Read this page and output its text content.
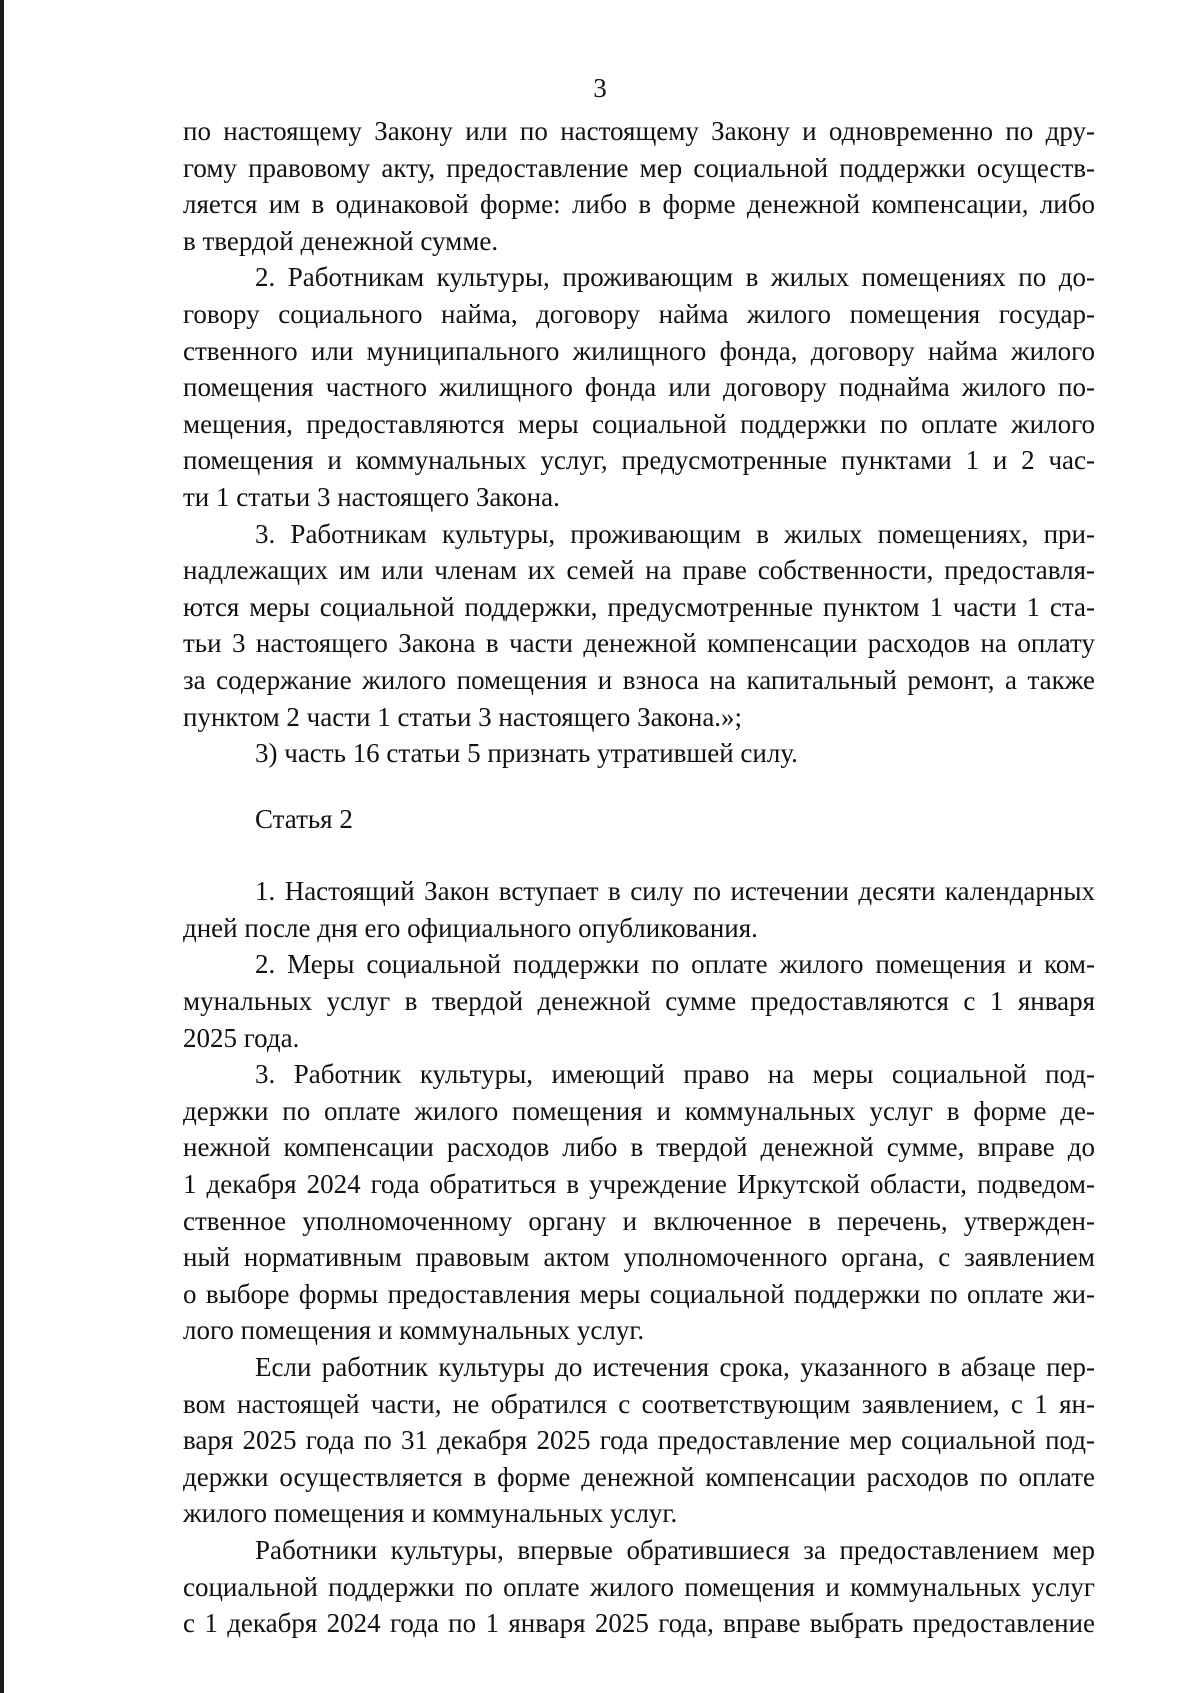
3
по настоящему Закону или по настоящему Закону и одновременно по дру-
гому правовому акту, предоставление мер социальной поддержки осуществ-
ляется им в одинаковой форме: либо в форме денежной компенсации, либо
в твердой денежной сумме.
2. Работникам культуры, проживающим в жилых помещениях по до-
говору социального найма, договору найма жилого помещения государ-
ственного или муниципального жилищного фонда, договору найма жилого
помещения частного жилищного фонда или договору поднайма жилого по-
мещения, предоставляются меры социальной поддержки по оплате жилого
помещения и коммунальных услуг, предусмотренные пунктами 1 и 2 час-
ти 1 статьи 3 настоящего Закона.
3. Работникам культуры, проживающим в жилых помещениях, при-
надлежащих им или членам их семей на праве собственности, предоставля-
ются меры социальной поддержки, предусмотренные пунктом 1 части 1 ста-
тьи 3 настоящего Закона в части денежной компенсации расходов на оплату
за содержание жилого помещения и взноса на капитальный ремонт, а также
пунктом 2 части 1 статьи 3 настоящего Закона.»;
3) часть 16 статьи 5 признать утратившей силу.
Статья 2
1. Настоящий Закон вступает в силу по истечении десяти календарных
дней после дня его официального опубликования.
2. Меры социальной поддержки по оплате жилого помещения и ком-
мунальных услуг в твердой денежной сумме предоставляются с 1 января
2025 года.
3. Работник культуры, имеющий право на меры социальной под-
держки по оплате жилого помещения и коммунальных услуг в форме де-
нежной компенсации расходов либо в твердой денежной сумме, вправе до
1 декабря 2024 года обратиться в учреждение Иркутской области, подведом-
ственное уполномоченному органу и включенное в перечень, утвержден-
ный нормативным правовым актом уполномоченного органа, с заявлением
о выборе формы предоставления меры социальной поддержки по оплате жи-
лого помещения и коммунальных услуг.
Если работник культуры до истечения срока, указанного в абзаце пер-
вом настоящей части, не обратился с соответствующим заявлением, с 1 ян-
варя 2025 года по 31 декабря 2025 года предоставление мер социальной под-
держки осуществляется в форме денежной компенсации расходов по оплате
жилого помещения и коммунальных услуг.
Работники культуры, впервые обратившиеся за предоставлением мер
социальной поддержки по оплате жилого помещения и коммунальных услуг
с 1 декабря 2024 года по 1 января 2025 года, вправе выбрать предоставление
